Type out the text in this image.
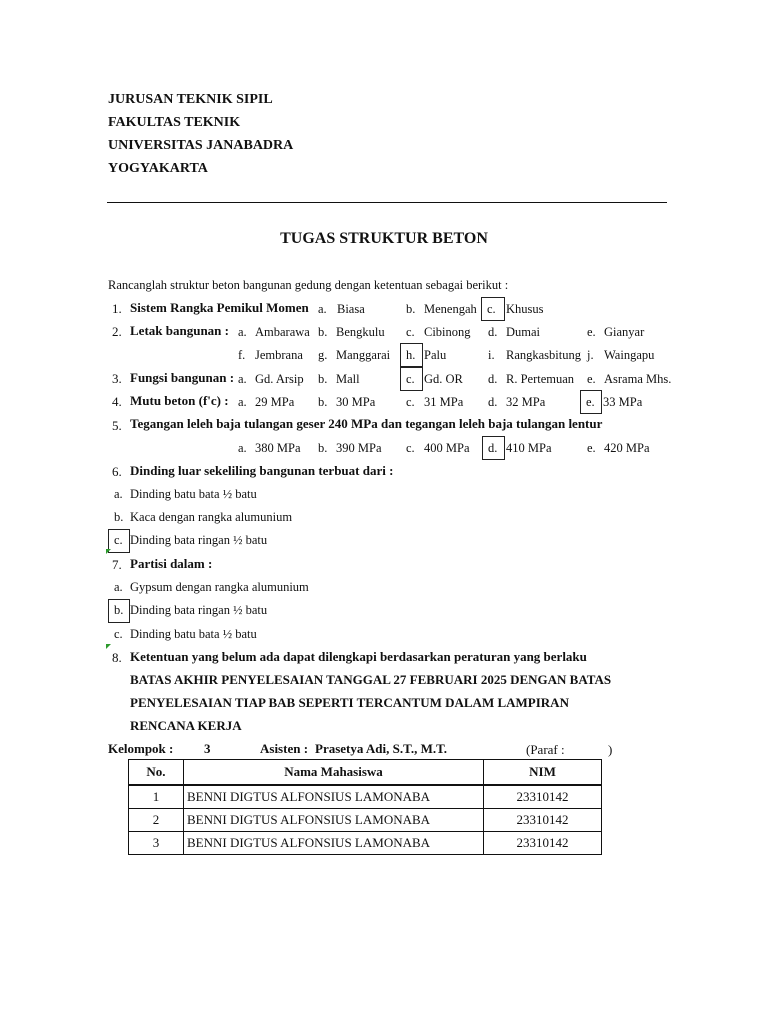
JURUSAN TEKNIK SIPIL
FAKULTAS TEKNIK
UNIVERSITAS JANABADRA
YOGYAKARTA
TUGAS STRUKTUR BETON
Rancanglah struktur beton bangunan gedung dengan ketentuan sebagai berikut :
1. Sistem Rangka Pemikul Momen a. Biasa	b. Menengah c. Khusus
2. Letak bangunan : a. Ambarawa b. Bengkulu c. Cibinong d. Dumai	e. Gianyar
f. Jembrana g. Manggarai h. Palu	i. Rangkasbitung j. Waingapu
3. Fungsi bangunan : a. Gd. Arsip b. Mall	c. Gd. OR d. R. Pertemuan e. Asrama Mhs.
4. Mutu beton (f'c) : a. 29 MPa b. 30 MPa c. 31 MPa d. 32 MPa	e. 33 MPa
5. Tegangan leleh baja tulangan geser 240 MPa dan tegangan leleh baja tulangan lentur
a. 380 MPa b. 390 MPa c. 400 MPa d. 410 MPa	e. 420 MPa
6. Dinding luar sekeliling bangunan terbuat dari :
a. Dinding batu bata ½ batu
b. Kaca dengan rangka alumunium
c. Dinding bata ringan ½ batu
7. Partisi dalam :
a. Gypsum dengan rangka alumunium
b. Dinding bata ringan ½ batu
c. Dinding batu bata ½ batu
8. Ketentuan yang belum ada dapat dilengkapi berdasarkan peraturan yang berlaku
BATAS AKHIR PENYELESAIAN TANGGAL 27 FEBRUARI 2025 DENGAN BATAS
PENYELESAIAN TIAP BAB SEPERTI TERCANTUM DALAM LAMPIRAN
RENCANA KERJA
Kelompok : 3	Asisten : Prasetya Adi, S.T., M.T.	(Paraf :	)
No.	Nama Mahasiswa	NIM
1	BENNI DIGTUS ALFONSIUS LAMONABA	23310142
2	BENNI DIGTUS ALFONSIUS LAMONABA	23310142
3	BENNI DIGTUS ALFONSIUS LAMONABA	23310142
